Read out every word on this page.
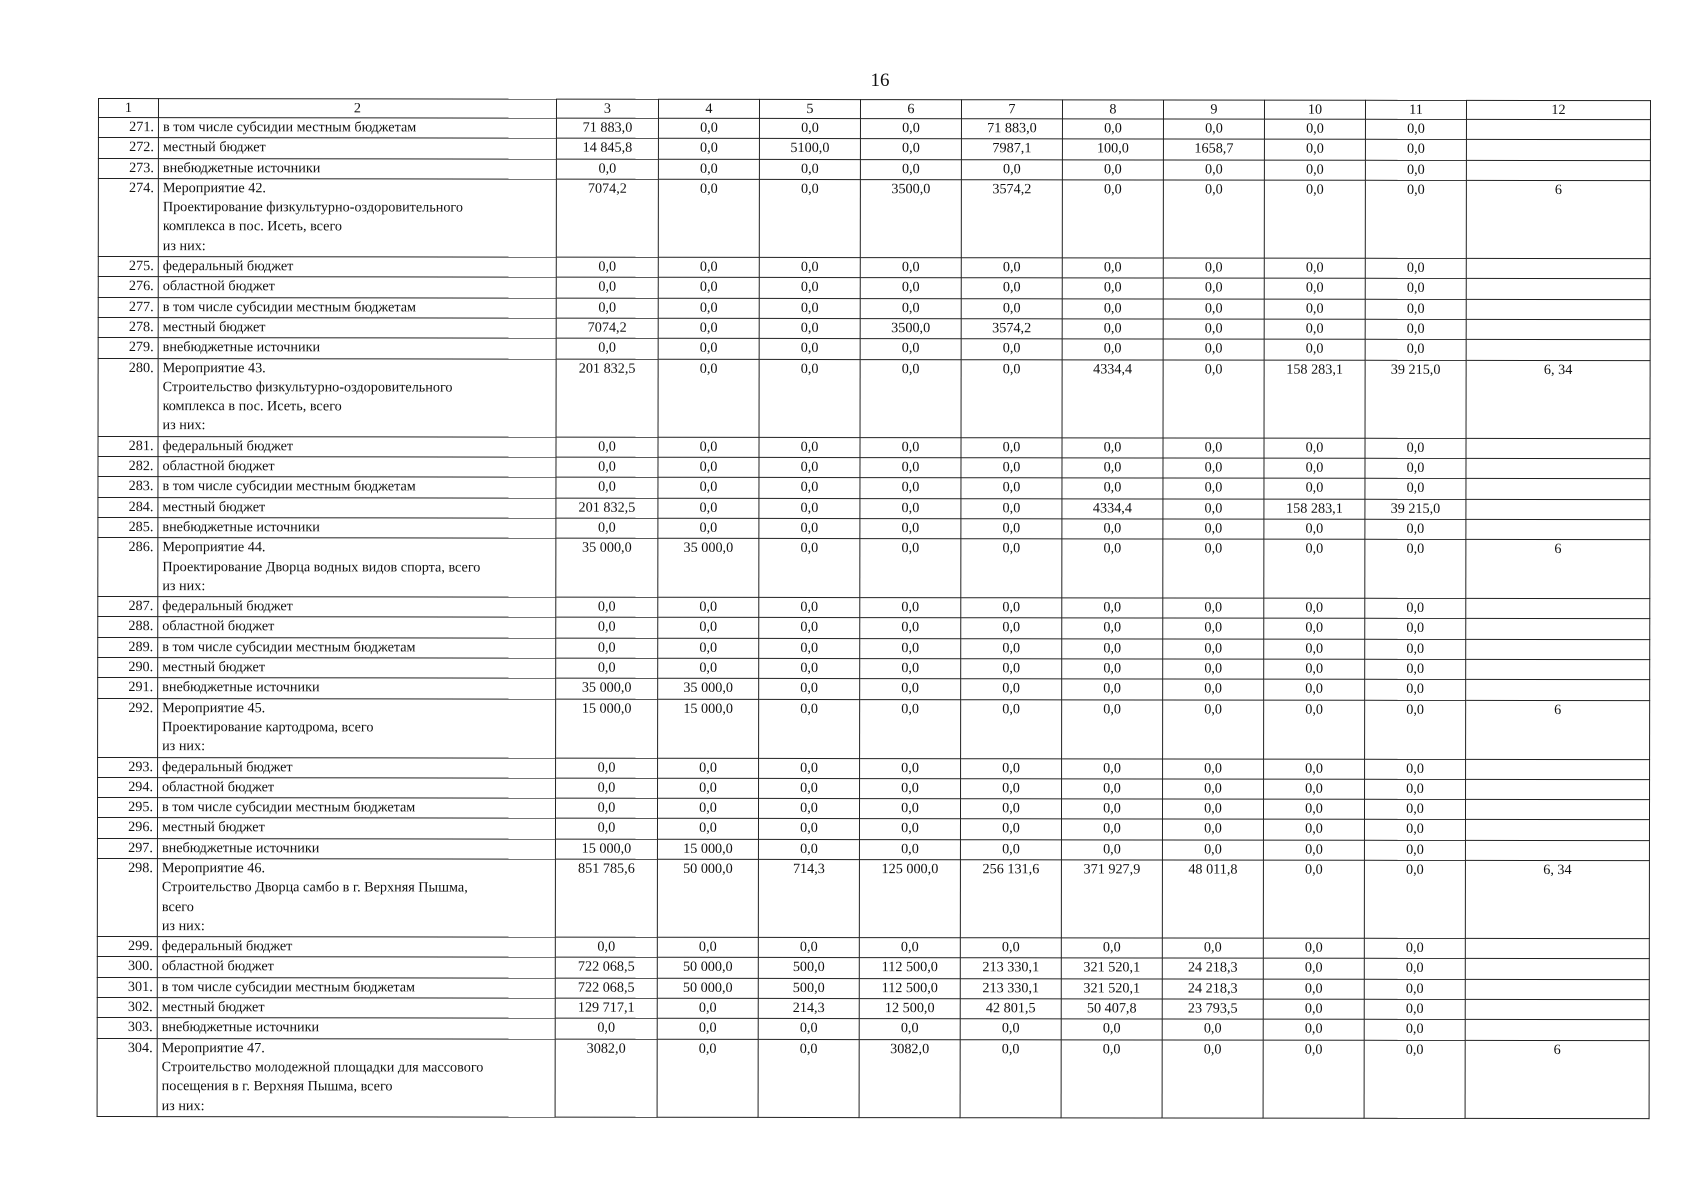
16
1	2	3	4	5	6	7	8	9	10	11	12
271.	в том числе субсидии местным бюджетам	71 883,0	0,0	0,0	0,0	71 883,0	0,0	0,0	0,0	0,0	
272.	местный бюджет	14 845,8	0,0	5100,0	0,0	7987,1	100,0	1658,7	0,0	0,0	
273.	внебюджетные источники	0,0	0,0	0,0	0,0	0,0	0,0	0,0	0,0	0,0	
274.	Мероприятие 42.
Проектирование физкультурно-оздоровительного
комплекса в пос. Исеть, всего
из них:	7074,2	0,0	0,0	3500,0	3574,2	0,0	0,0	0,0	0,0	6
275.	федеральный бюджет	0,0	0,0	0,0	0,0	0,0	0,0	0,0	0,0	0,0	
276.	областной бюджет	0,0	0,0	0,0	0,0	0,0	0,0	0,0	0,0	0,0	
277.	в том числе субсидии местным бюджетам	0,0	0,0	0,0	0,0	0,0	0,0	0,0	0,0	0,0	
278.	местный бюджет	7074,2	0,0	0,0	3500,0	3574,2	0,0	0,0	0,0	0,0	
279.	внебюджетные источники	0,0	0,0	0,0	0,0	0,0	0,0	0,0	0,0	0,0	
280.	Мероприятие 43.
Строительство физкультурно-оздоровительного
комплекса в пос. Исеть, всего
из них:	201 832,5	0,0	0,0	0,0	0,0	4334,4	0,0	158 283,1	39 215,0	6, 34
281.	федеральный бюджет	0,0	0,0	0,0	0,0	0,0	0,0	0,0	0,0	0,0	
282.	областной бюджет	0,0	0,0	0,0	0,0	0,0	0,0	0,0	0,0	0,0	
283.	в том числе субсидии местным бюджетам	0,0	0,0	0,0	0,0	0,0	0,0	0,0	0,0	0,0	
284.	местный бюджет	201 832,5	0,0	0,0	0,0	0,0	4334,4	0,0	158 283,1	39 215,0	
285.	внебюджетные источники	0,0	0,0	0,0	0,0	0,0	0,0	0,0	0,0	0,0	
286.	Мероприятие 44.
Проектирование Дворца водных видов спорта, всего
из них:	35 000,0	35 000,0	0,0	0,0	0,0	0,0	0,0	0,0	0,0	6
287.	федеральный бюджет	0,0	0,0	0,0	0,0	0,0	0,0	0,0	0,0	0,0	
288.	областной бюджет	0,0	0,0	0,0	0,0	0,0	0,0	0,0	0,0	0,0	
289.	в том числе субсидии местным бюджетам	0,0	0,0	0,0	0,0	0,0	0,0	0,0	0,0	0,0	
290.	местный бюджет	0,0	0,0	0,0	0,0	0,0	0,0	0,0	0,0	0,0	
291.	внебюджетные источники	35 000,0	35 000,0	0,0	0,0	0,0	0,0	0,0	0,0	0,0	
292.	Мероприятие 45.
Проектирование картодрома, всего
из них:	15 000,0	15 000,0	0,0	0,0	0,0	0,0	0,0	0,0	0,0	6
293.	федеральный бюджет	0,0	0,0	0,0	0,0	0,0	0,0	0,0	0,0	0,0	
294.	областной бюджет	0,0	0,0	0,0	0,0	0,0	0,0	0,0	0,0	0,0	
295.	в том числе субсидии местным бюджетам	0,0	0,0	0,0	0,0	0,0	0,0	0,0	0,0	0,0	
296.	местный бюджет	0,0	0,0	0,0	0,0	0,0	0,0	0,0	0,0	0,0	
297.	внебюджетные источники	15 000,0	15 000,0	0,0	0,0	0,0	0,0	0,0	0,0	0,0	
298.	Мероприятие 46.
Строительство Дворца самбо в г. Верхняя Пышма,
всего
из них:	851 785,6	50 000,0	714,3	125 000,0	256 131,6	371 927,9	48 011,8	0,0	0,0	6, 34
299.	федеральный бюджет	0,0	0,0	0,0	0,0	0,0	0,0	0,0	0,0	0,0	
300.	областной бюджет	722 068,5	50 000,0	500,0	112 500,0	213 330,1	321 520,1	24 218,3	0,0	0,0	
301.	в том числе субсидии местным бюджетам	722 068,5	50 000,0	500,0	112 500,0	213 330,1	321 520,1	24 218,3	0,0	0,0	
302.	местный бюджет	129 717,1	0,0	214,3	12 500,0	42 801,5	50 407,8	23 793,5	0,0	0,0	
303.	внебюджетные источники	0,0	0,0	0,0	0,0	0,0	0,0	0,0	0,0	0,0	
304.	Мероприятие 47.
Строительство молодежной площадки для массового
посещения в г. Верхняя Пышма, всего
из них:	3082,0	0,0	0,0	3082,0	0,0	0,0	0,0	0,0	0,0	6
